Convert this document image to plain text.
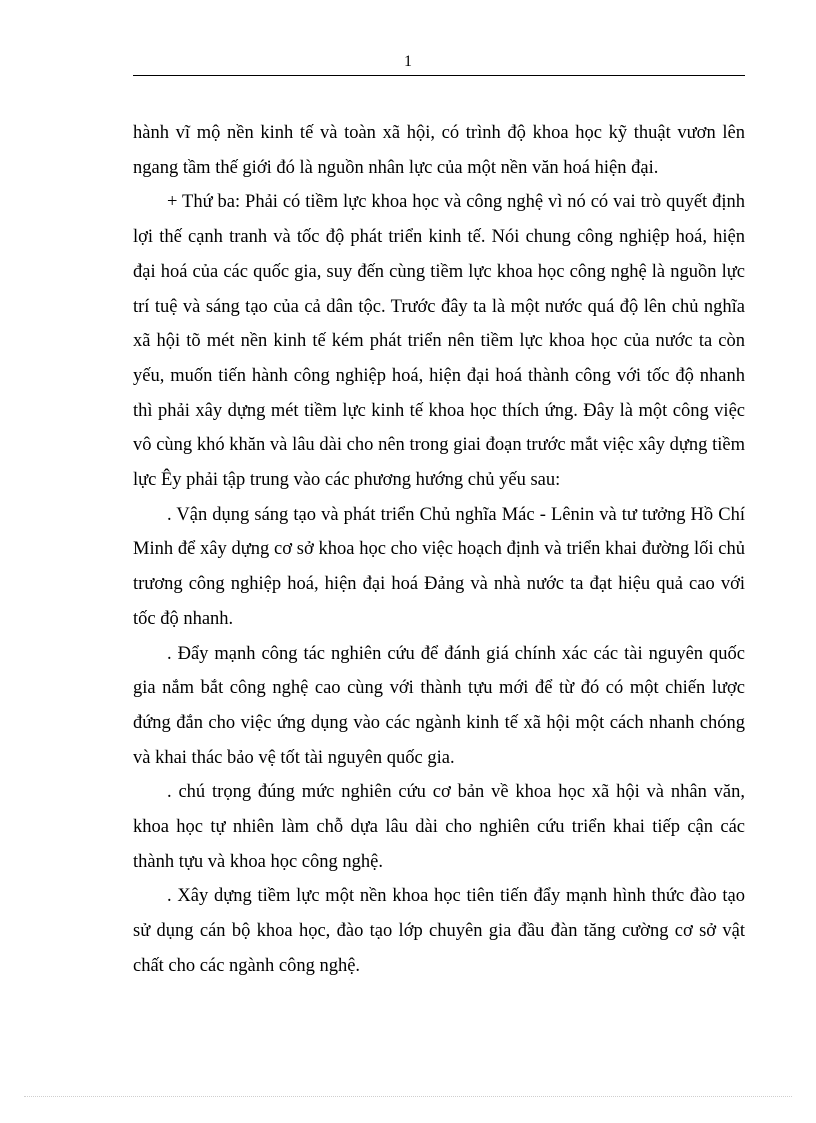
1

hành vĩ mộ nền kinh tế và toàn xã hội, có trình độ khoa học kỹ thuật vươn lên ngang tầm thế giới đó là nguồn nhân lực của một nền văn hoá hiện đại.

+ Thứ ba: Phải có tiềm lực khoa học và công nghệ vì nó có vai trò quyết định lợi thế cạnh tranh và tốc độ phát triển kinh tế. Nói chung công nghiệp hoá, hiện đại hoá của các quốc gia, suy đến cùng tiềm lực khoa học công nghệ là nguồn lực trí tuệ và sáng tạo của cả dân tộc. Trước đây ta là một nước quá độ lên chủ nghĩa xã hội tõ mét nền kinh tế kém phát triển nên tiềm lực khoa học của nước ta còn yếu, muốn tiến hành công nghiệp hoá, hiện đại hoá thành công với tốc độ nhanh thì phải xây dựng mét tiềm lực kinh tế khoa học thích ứng. Đây là một công việc vô cùng khó khăn và lâu dài cho nên trong giai đoạn trước mắt việc xây dựng tiềm lực Êy phải tập trung vào các phương hướng chủ yếu sau:

. Vận dụng sáng tạo và phát triển Chủ nghĩa Mác - Lênin và tư tưởng Hồ Chí Minh để xây dựng cơ sở khoa học cho việc hoạch định và triển khai đường lối chủ trương công nghiệp hoá, hiện đại hoá Đảng và nhà nước ta đạt hiệu quả cao với tốc độ nhanh.

. Đẩy mạnh công tác nghiên cứu để đánh giá chính xác các tài nguyên quốc gia nắm bắt công nghệ cao cùng với thành tựu mới để từ đó có một chiến lược đứng đắn cho việc ứng dụng vào các ngành kinh tế xã hội một cách nhanh chóng và khai thác bảo vệ tốt tài nguyên quốc gia.

. chú trọng đúng mức nghiên cứu cơ bản về khoa học xã hội và nhân văn, khoa học tự nhiên làm chỗ dựa lâu dài cho nghiên cứu triển khai tiếp cận các thành tựu và khoa học công nghệ.

. Xây dựng tiềm lực một nền khoa học tiên tiến đẩy mạnh hình thức đào tạo sử dụng cán bộ khoa học, đào tạo lớp chuyên gia đầu đàn tăng cường cơ sở vật chất cho các ngành công nghệ.
